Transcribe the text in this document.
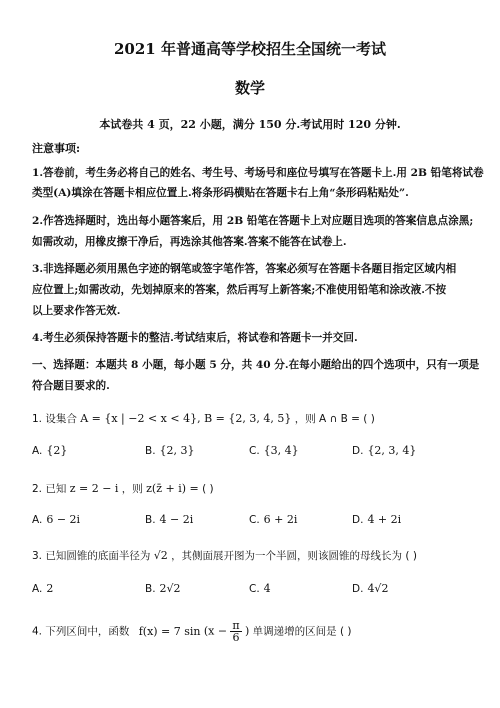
2021 年普通高等学校招生全国统一考试
数学
本试卷共 4 页，22 小题，满分 150 分.考试用时 120 分钟.
注意事项:
1.答卷前，考生务必将自己的姓名、考生号、考场号和座位号填写在答题卡上.用 2B 铅笔将试卷
类型(A)填涂在答题卡相应位置上.将条形码横贴在答题卡右上角“条形码粘贴处”.
2.作答选择题时，选出每小题答案后，用 2B 铅笔在答题卡上对应题目选项的答案信息点涂黑;
如需改动，用橡皮擦干净后，再选涂其他答案.答案不能答在试卷上.
3.非选择题必须用黑色字迹的钢笔或签字笔作答，答案必须写在答题卡各题目指定区域内相
应位置上;如需改动，先划掉原来的答案，然后再写上新答案;不准使用铅笔和涂改液.不按
以上要求作答无效.
4.考生必须保持答题卡的整洁.考试结束后，将试卷和答题卡一并交回.
一、选择题：本题共 8 小题，每小题 5 分，共 40 分.在每小题给出的四个选项中，只有一项是
符合题目要求的.
1. 设集合 A = {x | −2 < x < 4}, B = {2, 3, 4, 5} ，则 A ∩ B = ( )
A. {2}	B. {2, 3}	C. {3, 4}	D. {2, 3, 4}
2. 已知 z = 2 − i ，则 z(z̄ + i) = ( )
A. 6 − 2i	B. 4 − 2i	C. 6 + 2i	D. 4 + 2i
3. 已知圆锥的底面半径为 √2 ，其侧面展开图为一个半圆，则该圆锥的母线长为 ( )
A. 2	B. 2√2	C. 4	D. 4√2
4. 下列区间中，函数 f(x) = 7 $\sin (x - \frac{\pi}{6}$ ) 单调递增的区间是 ( )
